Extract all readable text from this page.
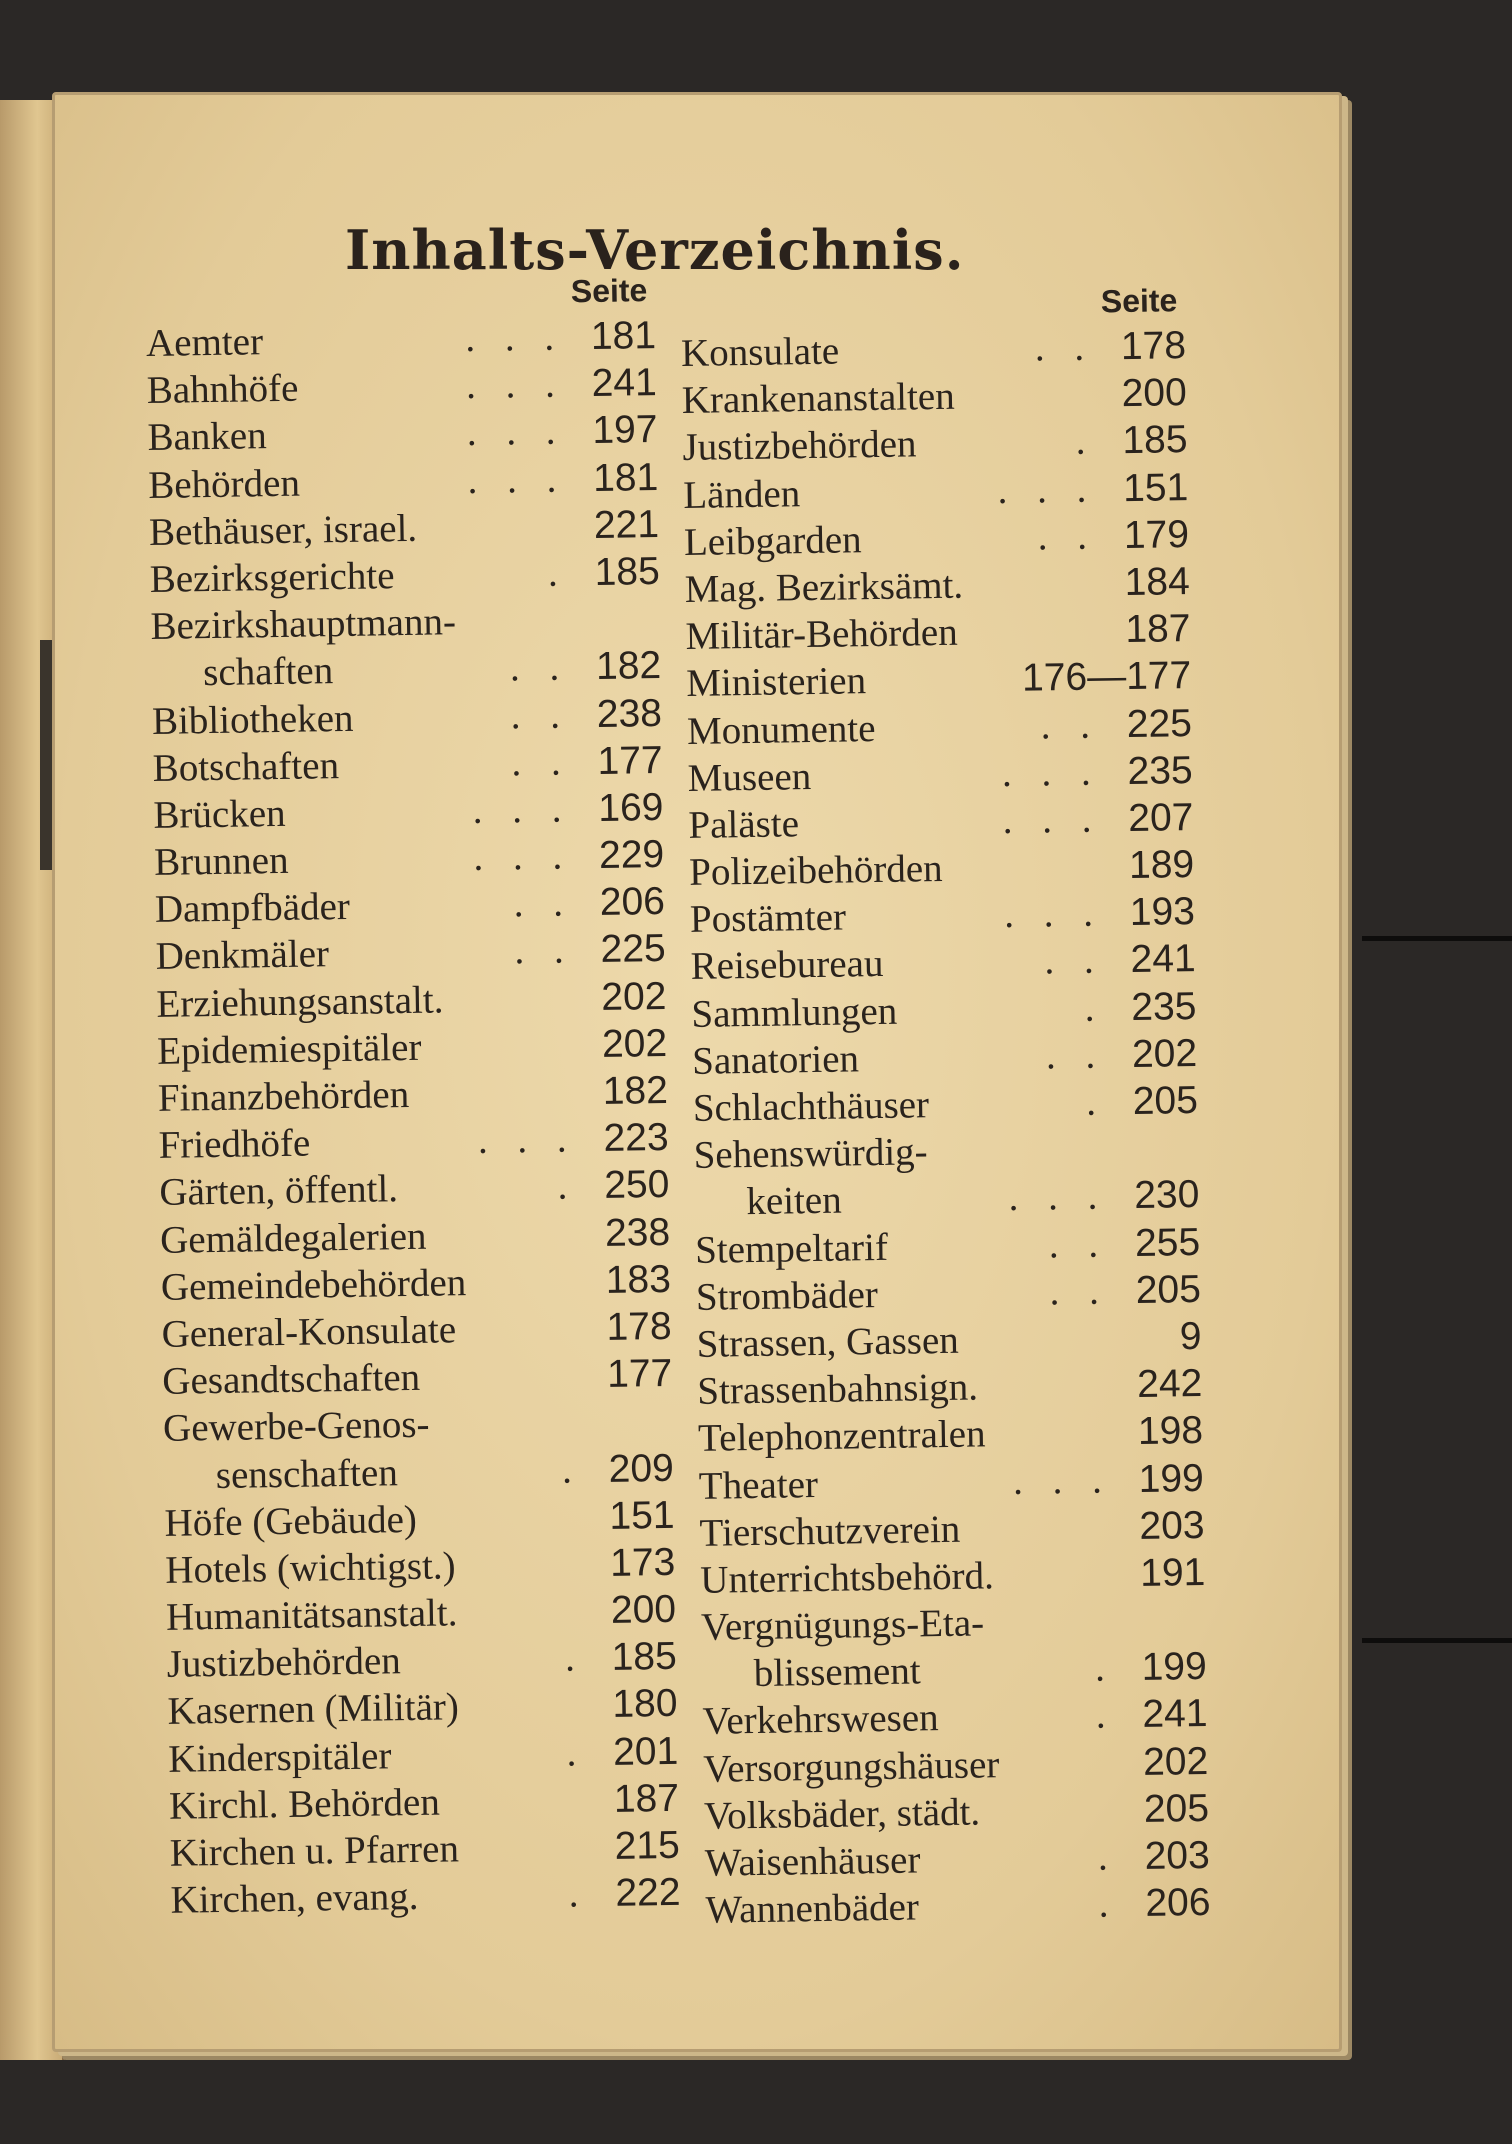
Inhalts-Verzeichnis.
Seite
Aemter	. . . 181
Bahnhöfe	. . . 241
Banken	. . . 197
Behörden	. . . 181
Bethäuser, israel.	221
Bezirksgerichte	. 185
Bezirkshauptmann-
schaften	. . 182
Bibliotheken	. . 238
Botschaften	. . 177
Brücken	. . . 169
Brunnen	. . . 229
Dampfbäder	. . 206
Denkmäler	. . 225
Erziehungsanstalt.	202
Epidemiespitäler	202
Finanzbehörden	182
Friedhöfe	. . . 223
Gärten, öffentl.	. 250
Gemäldegalerien	238
Gemeindebehörden	183
General-Konsulate	178
Gesandtschaften	177
Gewerbe-Genos-
senschaften	. 209
Höfe (Gebäude)	151
Hotels (wichtigst.)	173
Humanitätsanstalt.	200
Justizbehörden	. 185
Kasernen (Militär)	180
Kinderspitäler	. 201
Kirchl. Behörden	187
Kirchen u. Pfarren	215
Kirchen, evang.	. 222
Seite
Konsulate	. . 178
Krankenanstalten	200
Justizbehörden	. 185
Länden	. . . 151
Leibgarden	. . 179
Mag. Bezirksämt.	184
Militär-Behörden	187
Ministerien	176—177
Monumente	. . 225
Museen	. . . 235
Paläste	. . . 207
Polizeibehörden	189
Postämter	. . . 193
Reisebureau	. . 241
Sammlungen	. 235
Sanatorien	. . 202
Schlachthäuser	. 205
Sehenswürdig-
keiten	. . . 230
Stempeltarif	. . 255
Strombäder	. . 205
Strassen, Gassen	9
Strassenbahnsign.	242
Telephonzentralen	198
Theater	. . . 199
Tierschutzverein	203
Unterrichtsbehörd.	191
Vergnügungs-Eta-
blissement	. 199
Verkehrswesen	. 241
Versorgungshäuser	202
Volksbäder, städt.	205
Waisenhäuser	. 203
Wannenbäder	. 206
